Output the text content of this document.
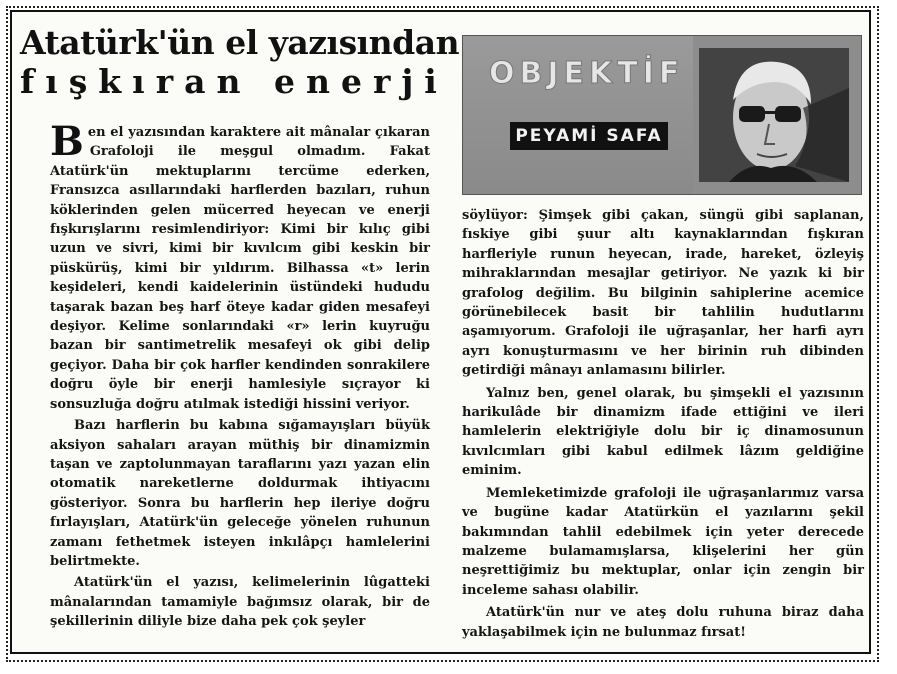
Atatürk'ün el yazısından
fışkıran enerji
Ben el yazısından karaktere ait mânalar çıkaran Grafoloji ile meşgul olmadım. Fakat Atatürk'ün mektuplarını tercüme ederken, Fransızca asıllarındaki harflerden bazıları, ruhun köklerinden gelen mücerred heyecan ve enerji fışkırışlarını resimlendiriyor: Kimi bir kılıç gibi uzun ve sivri, kimi bir kıvılcım gibi keskin bir püskürüş, kimi bir yıldırım. Bilhassa «t» lerin keşideleri, kendi kaidelerinin üstündeki hududu taşarak bazan beş harf öteye kadar giden mesafeyi deşiyor. Kelime sonlarındaki «r» lerin kuyruğu bazan bir santimetrelik mesafeyi ok gibi delip geçiyor. Daha bir çok harfler kendinden sonrakilere doğru öyle bir enerji hamlesiyle sıçrayor ki sonsuzluğa doğru atılmak istediği hissini veriyor.
Bazı harflerin bu kabına sığamayışları büyük aksiyon sahaları arayan müthiş bir dinamizmin taşan ve zaptolunmayan taraflarını yazı yazan elin otomatik nareketlerne doldurmak ihtiyacını gösteriyor. Sonra bu harflerin hep ileriye doğru fırlayışları, Atatürk'ün geleceğe yönelen ruhunun zamanı fethetmek isteyen inkılâpçı hamlelerini belirtmekte.
Atatürk'ün el yazısı, kelimelerinin lûgatteki mânalarından tamamiyle bağımsız olarak, bir de şekillerinin diliyle bize daha pek çok şeyler
OBJEKTİF
PEYAMİ SAFA
söylüyor: Şimşek gibi çakan, süngü gibi saplanan, fıskiye gibi şuur altı kaynaklarından fışkıran harfleriyle runun heyecan, irade, hareket, özleyiş mihraklarından mesajlar getiriyor. Ne yazık ki bir grafolog değilim. Bu bilginin sahiplerine acemice görünebilecek basit bir tahlilin hudutlarını aşamıyorum. Grafoloji ile uğraşanlar, her harfi ayrı ayrı konuşturmasını ve her birinin ruh dibinden getirdiği mânayı anlamasını bilirler.
Yalnız ben, genel olarak, bu şimşekli el yazısının harikulâde bir dinamizm ifade ettiğini ve ileri hamlelerin elektriğiyle dolu bir iç dinamosunun kıvılcımları gibi kabul edilmek lâzım geldiğine eminim.
Memleketimizde grafoloji ile uğraşanlarımız varsa ve bugüne kadar Atatürkün el yazılarını şekil bakımından tahlil edebilmek için yeter derecede malzeme bulamamışlarsa, klişelerini her gün neşrettiğimiz bu mektuplar, onlar için zengin bir inceleme sahası olabilir.
Atatürk'ün nur ve ateş dolu ruhuna biraz daha yaklaşabilmek için ne bulunmaz fırsat!
